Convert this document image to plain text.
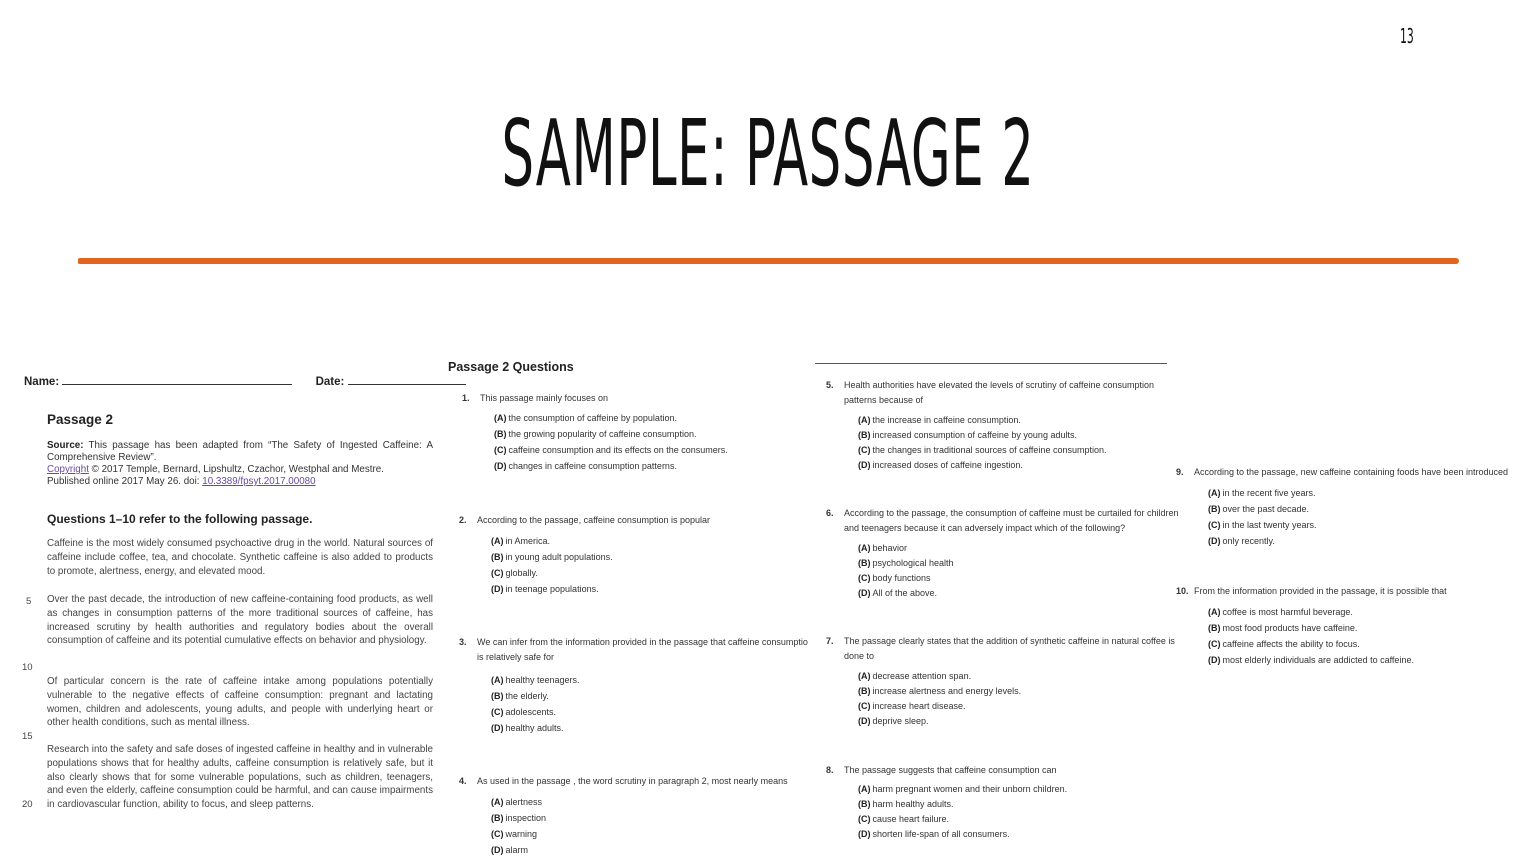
13
SAMPLE: PASSAGE 2
Name:	Date:
Passage 2
Source: This passage has been adapted from “The Safety of Ingested Caffeine: A Comprehensive Review”.
Copyright © 2017 Temple, Bernard, Lipshultz, Czachor, Westphal and Mestre.
Published online 2017 May 26. doi: 10.3389/fpsyt.2017.00080
Questions 1–10 refer to the following passage.
Caffeine is the most widely consumed psychoactive drug in the world. Natural sources of caffeine include coffee, tea, and chocolate. Synthetic caffeine is also added to products to promote, alertness, energy, and elevated mood.
Over the past decade, the introduction of new caffeine-containing food products, as well as changes in consumption patterns of the more traditional sources of caffeine, has increased scrutiny by health authorities and regulatory bodies about the overall consumption of caffeine and its potential cumulative effects on behavior and physiology.
Of particular concern is the rate of caffeine intake among populations potentially vulnerable to the negative effects of caffeine consumption: pregnant and lactating women, children and adolescents, young adults, and people with underlying heart or other health conditions, such as mental illness.
Research into the safety and safe doses of ingested caffeine in healthy and in vulnerable populations shows that for healthy adults, caffeine consumption is relatively safe, but it also clearly shows that for some vulnerable populations, such as children, teenagers, and even the elderly, caffeine consumption could be harmful, and can cause impairments in cardiovascular function, ability to focus, and sleep patterns.
5
10
15
20
Passage 2 Questions
1. This passage mainly focuses on
(A) the consumption of caffeine by population.
(B) the growing popularity of caffeine consumption.
(C) caffeine consumption and its effects on the consumers.
(D) changes in caffeine consumption patterns.
2. According to the passage, caffeine consumption is popular
(A) in America.
(B) in young adult populations.
(C) globally.
(D) in teenage populations.
3. We can infer from the information provided in the passage that caffeine consumptio
is relatively safe for
(A) healthy teenagers.
(B) the elderly.
(C) adolescents.
(D) healthy adults.
4. As used in the passage , the word scrutiny in paragraph 2, most nearly means
(A) alertness
(B) inspection
(C) warning
(D) alarm
5. Health authorities have elevated the levels of scrutiny of caffeine consumption
patterns because of
(A) the increase in caffeine consumption.
(B) increased consumption of caffeine by young adults.
(C) the changes in traditional sources of caffeine consumption.
(D) increased doses of caffeine ingestion.
6. According to the passage, the consumption of caffeine must be curtailed for children
and teenagers because it can adversely impact which of the following?
(A) behavior
(B) psychological health
(C) body functions
(D) All of the above.
7. The passage clearly states that the addition of synthetic caffeine in natural coffee is
done to
(A) decrease attention span.
(B) increase alertness and energy levels.
(C) increase heart disease.
(D) deprive sleep.
8. The passage suggests that caffeine consumption can
(A) harm pregnant women and their unborn children.
(B) harm healthy adults.
(C) cause heart failure.
(D) shorten life-span of all consumers.
9. According to the passage, new caffeine containing foods have been introduced
(A) in the recent five years.
(B) over the past decade.
(C) in the last twenty years.
(D) only recently.
10. From the information provided in the passage, it is possible that
(A) coffee is most harmful beverage.
(B) most food products have caffeine.
(C) caffeine affects the ability to focus.
(D) most elderly individuals are addicted to caffeine.
